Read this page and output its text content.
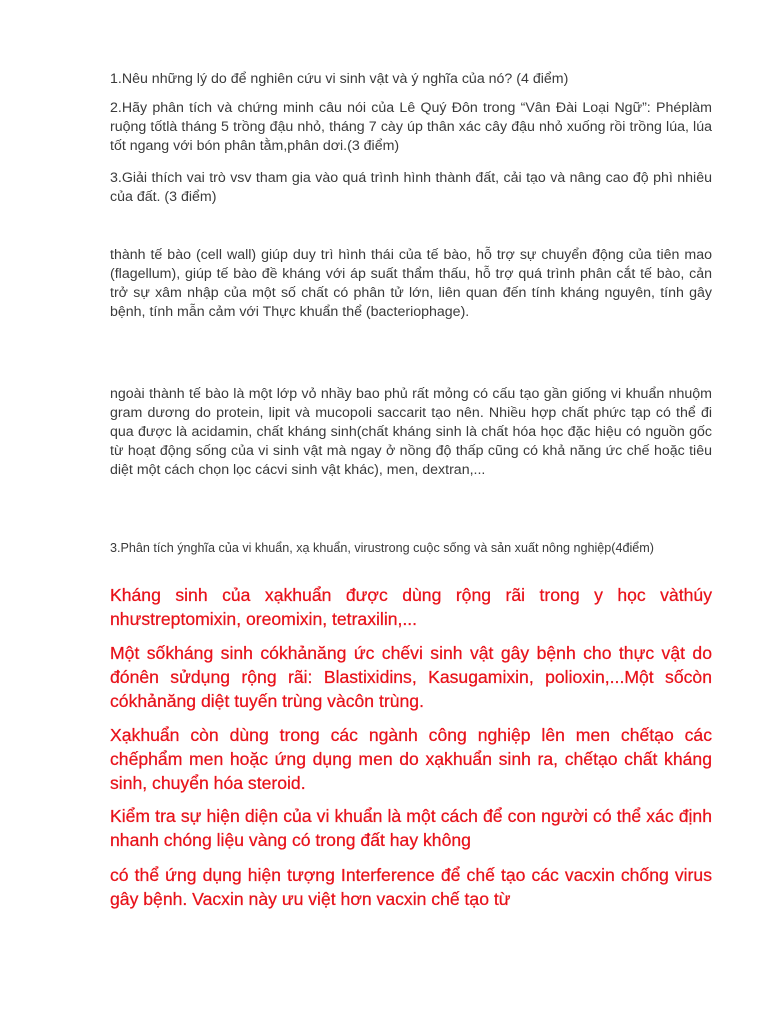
1.Nêu những lý do để nghiên cứu vi sinh vật và ý nghĩa của nó? (4 điểm)

2.Hãy phân tích và chứng minh câu nói của Lê Quý Đôn trong “Vân Đài Loại Ngữ”: Phéplàm ruộng tốtlà tháng 5 trồng đậu nhỏ, tháng 7 cày úp thân xác cây đậu nhỏ xuống rồi trồng lúa, lúa tốt ngang với bón phân tằm,phân dơi.(3 điểm)

3.Giải thích vai trò vsv tham gia vào quá trình hình thành đất, cải tạo và nâng cao độ phì nhiêu của đất. (3 điểm)

thành tế bào (cell wall) giúp duy trì hình thái của tế bào, hỗ trợ sự chuyển động của tiên mao (flagellum), giúp tế bào đề kháng với áp suất thẩm thấu, hỗ trợ quá trình phân cắt tế bào, cản trở sự xâm nhập của một số chất có phân tử lớn, liên quan đến tính kháng nguyên, tính gây bệnh, tính mẫn cảm với Thực khuẩn thể (bacteriophage).

ngoài thành tế bào là một lớp vỏ nhầy bao phủ rất mỏng có cấu tạo gần giống vi khuẩn nhuộm gram dương do protein, lipit và mucopoli saccarit tạo nên. Nhiều hợp chất phức tạp có thể đi qua được là acidamin, chất kháng sinh(chất kháng sinh là chất hóa học đặc hiệu có nguồn gốc từ hoạt động sống của vi sinh vật mà ngay ở nồng độ thấp cũng có khả năng ức chế hoặc tiêu diệt một cách chọn lọc cácvi sinh vật khác), men, dextran,...

3.Phân tích ýnghĩa của vi khuẩn, xạ khuẩn, virustrong cuộc sống và sản xuất nông nghiệp(4điểm)

Kháng sinh của xạkhuẩn được dùng rộng rãi trong y học vàthúy nhưstreptomixin, oreomixin, tetraxilin,...

Một sốkháng sinh cókhảnăng ức chếvi sinh vật gây bệnh cho thực vật do đónên sửdụng rộng rãi: Blastixidins, Kasugamixin, polioxin,...Một sốcòn cókhảnăng diệt tuyến trùng vàcôn trùng.

Xạkhuẩn còn dùng trong các ngành công nghiệp lên men chếtạo các chếphẩm men hoặc ứng dụng men do xạkhuẩn sinh ra, chếtạo chất kháng sinh, chuyển hóa steroid.

Kiểm tra sự hiện diện của vi khuẩn là một cách để con người có thể xác định nhanh chóng liệu vàng có trong đất hay không

có thể ứng dụng hiện tượng Interference để chế tạo các vacxin chống virus gây bệnh. Vacxin này ưu việt hơn vacxin chế tạo từ
